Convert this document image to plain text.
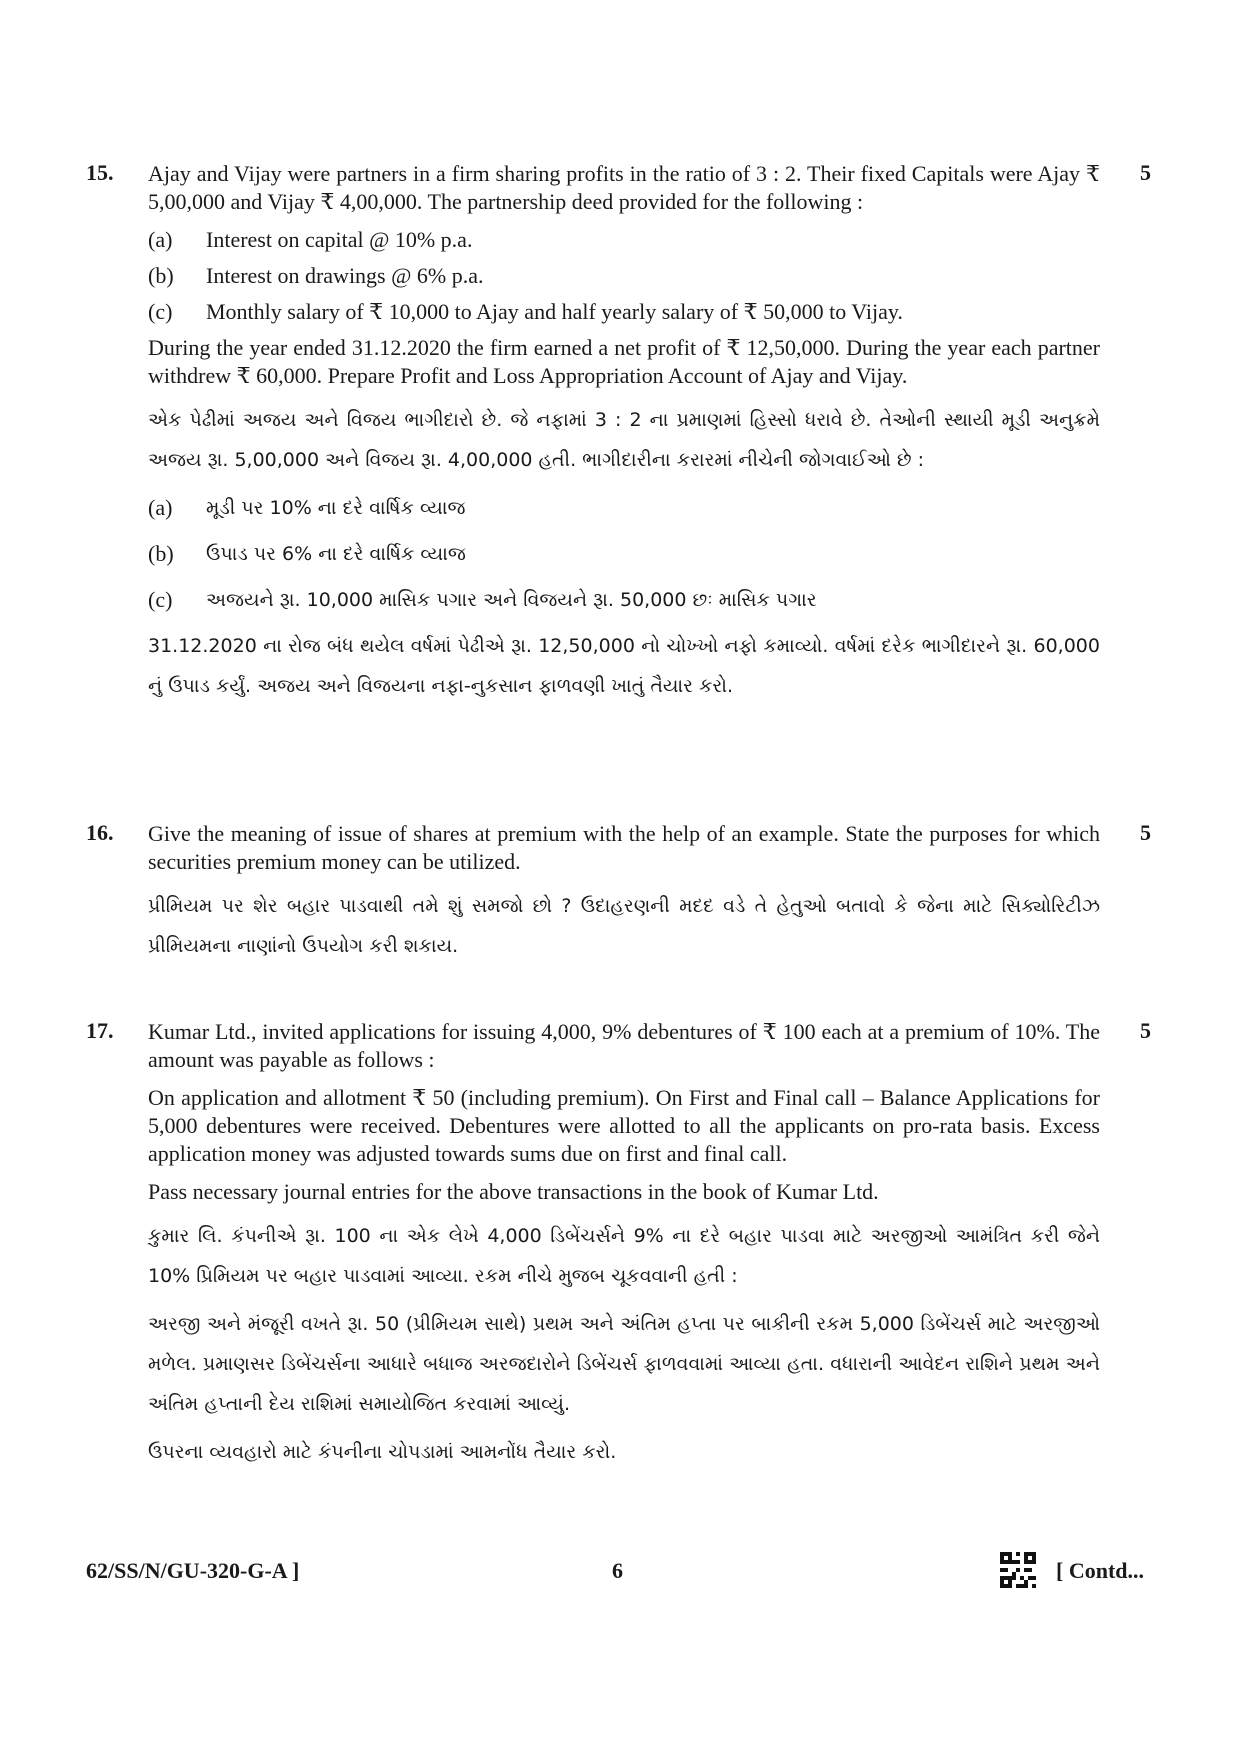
15.	5

Ajay and Vijay were partners in a firm sharing profits in the ratio of 3 : 2. Their fixed Capitals were Ajay ₹ 5,00,000 and Vijay ₹ 4,00,000. The partnership deed provided for the following :

(a)	Interest on capital @ 10% p.a.
(b)	Interest on drawings @ 6% p.a.
(c)	Monthly salary of ₹ 10,000 to Ajay and half yearly salary of ₹ 50,000 to Vijay.

During the year ended 31.12.2020 the firm earned a net profit of ₹ 12,50,000. During the year each partner withdrew ₹ 60,000. Prepare Profit and Loss Appropriation Account of Ajay and Vijay.

એક પેઢીમાં અજય અને વિજય ભાગીદારો છે. જે નફામાં 3 : 2 ના પ્રમાણમાં હિસ્સો ધરાવે છે. તેઓની સ્થાયી મૂડી અનુક્રમે અજય રૂા. 5,00,000 અને વિજય રૂા. 4,00,000 હતી. ભાગીદારીના કરારમાં નીચેની જોગવાઈઓ છે :

(a)	મૂડી પર 10% ના દરે વાર્ષિક વ્યાજ
(b)	ઉપાડ પર 6% ના દરે વાર્ષિક વ્યાજ
(c)	અજયને રૂા. 10,000 માસિક પગાર અને વિજયને રૂા. 50,000 છઃ માસિક પગાર

31.12.2020 ના રોજ બંધ થયેલ વર્ષમાં પેઢીએ રૂા. 12,50,000 નો ચોખ્ખો નફો કમાવ્યો. વર્ષમાં દરેક ભાગીદારને રૂા. 60,000 નું ઉપાડ કર્યું. અજય અને વિજયના નફા-નુકસાન ફાળવણી ખાતું તૈયાર કરો.

16.	5

Give the meaning of issue of shares at premium with the help of an example. State the purposes for which securities premium money can be utilized.

પ્રીમિયમ પર શેર બહાર પાડવાથી તમે શું સમજો છો ? ઉદાહરણની મદદ વડે તે હેતુઓ બતાવો કે જેના માટે સિક્યોરિટીઝ પ્રીમિયમના નાણાંનો ઉપયોગ કરી શકાય.

17.	5

Kumar Ltd., invited applications for issuing 4,000, 9% debentures of ₹ 100 each at a premium of 10%. The amount was payable as follows :

On application and allotment ₹ 50 (including premium). On First and Final call – Balance Applications for 5,000 debentures were received. Debentures were allotted to all the applicants on pro-rata basis. Excess application money was adjusted towards sums due on first and final call.

Pass necessary journal entries for the above transactions in the book of Kumar Ltd.

કુમાર લિ. કંપનીએ રૂા. 100 ના એક લેખે 4,000 ડિબેંચર્સને 9% ના દરે બહાર પાડવા માટે અરજીઓ આમંત્રિત કરી જેને 10% પ્રિમિયમ પર બહાર પાડવામાં આવ્યા. રકમ નીચે મુજબ ચૂકવવાની હતી :

અરજી અને મંજૂરી વખતે રૂા. 50 (પ્રીમિયમ સાથે) પ્રથમ અને અંતિમ હપ્તા પર બાકીની રકમ 5,000 ડિબેંચર્સ માટે અરજીઓ મળેલ. પ્રમાણસર ડિબેંચર્સના આધારે બધાજ અરજદારોને ડિબેંચર્સ ફાળવવામાં આવ્યા હતા. વધારાની આવેદન રાશિને પ્રથમ અને અંતિમ હપ્તાની દેય રાશિમાં સમાયોજિત કરવામાં આવ્યું.

ઉપરના વ્યવહારો માટે કંપનીના ચોપડામાં આમનોંધ તૈયાર કરો.

62/SS/N/GU-320-G-A ]	6	[ Contd...
